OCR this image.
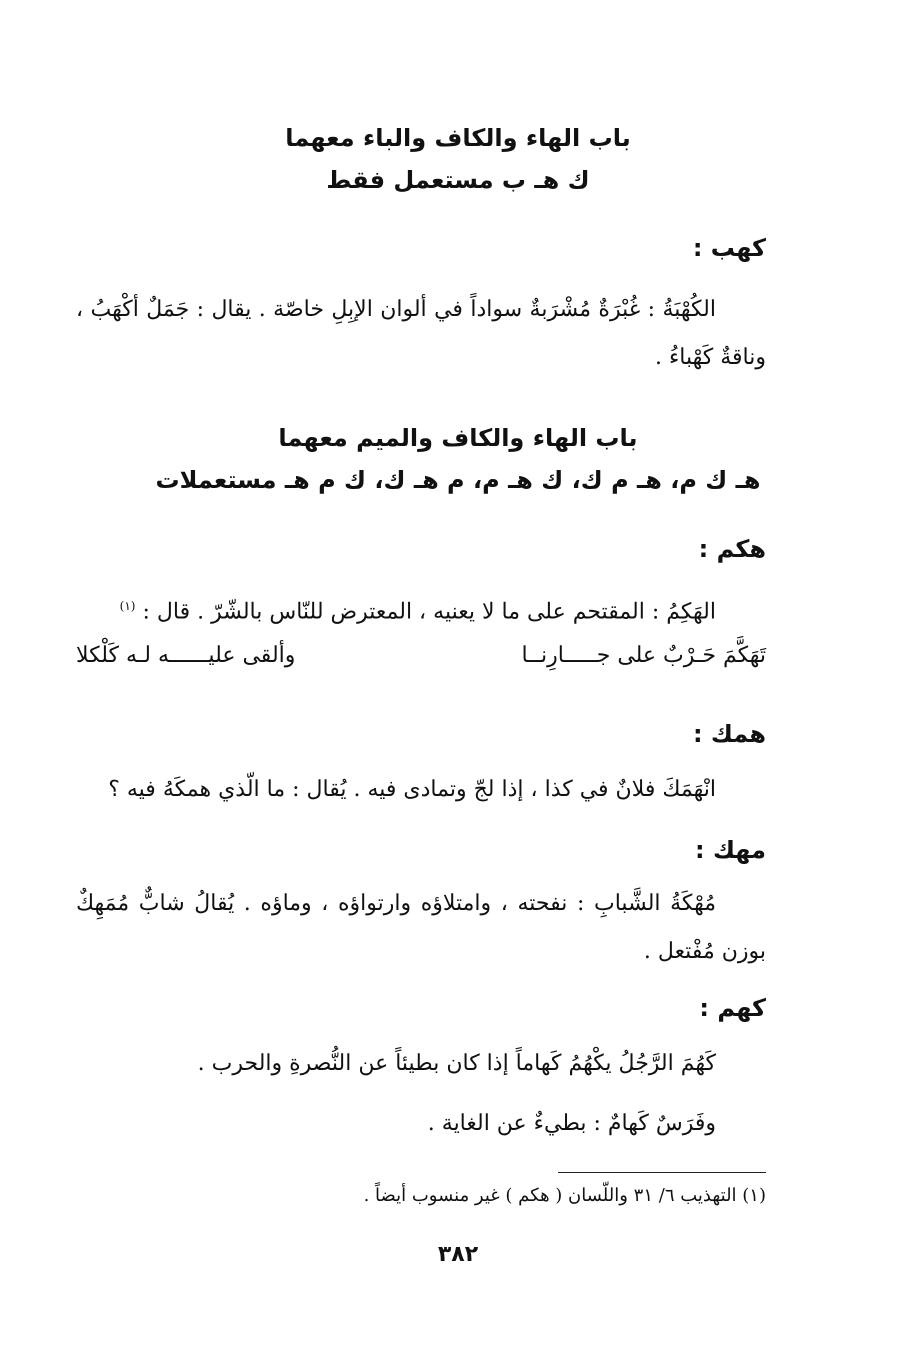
باب الهاء والكاف والباء معهما
ك هـ ب مستعمل فقط
كهب :
الكُهْبَةُ : غُبْرَةٌ مُشْرَبةٌ سواداً في ألوان الإبِلِ خاصّة . يقال : جَمَلٌ أكْهَبُ ، وناقةٌ كَهْباءُ .
باب الهاء والكاف والميم معهما
هـ ك م، هـ م ك، ك هـ م، م هـ ك، ك م هـ مستعملات
هكم :
الهَكِمُ : المقتحم على ما لا يعنيه ، المعترض للنّاس بالشّرّ . قال : $^{(١)}$
تَهَكَّمَ حَـرْبٌ على جـــــارِنــا
وألقى عليــــــه لـه كَلْكلا
همك :
انْهَمَكَ فلانٌ في كذا ، إذا لجّ وتمادى فيه . يُقال : ما الّذي همكَهُ فيه ؟
مهك :
مُهْكَةُ الشَّبابِ : نفحته ، وامتلاؤه وارتواؤه ، وماؤه . يُقالُ شابٌّ مُمَهِكٌ بوزن مُفْتعل .
كهم :
كَهُمَ الرَّجُلُ يكْهُمُ كَهاماً إذا كان بطيئاً عن النُّصرةِ والحرب .
وفَرَسٌ كَهامٌ : بطيءٌ عن الغاية .
(١) التهذيب ٦/ ٣١ واللّسان ( هكم ) غير منسوب أيضاً .
٣٨٢
